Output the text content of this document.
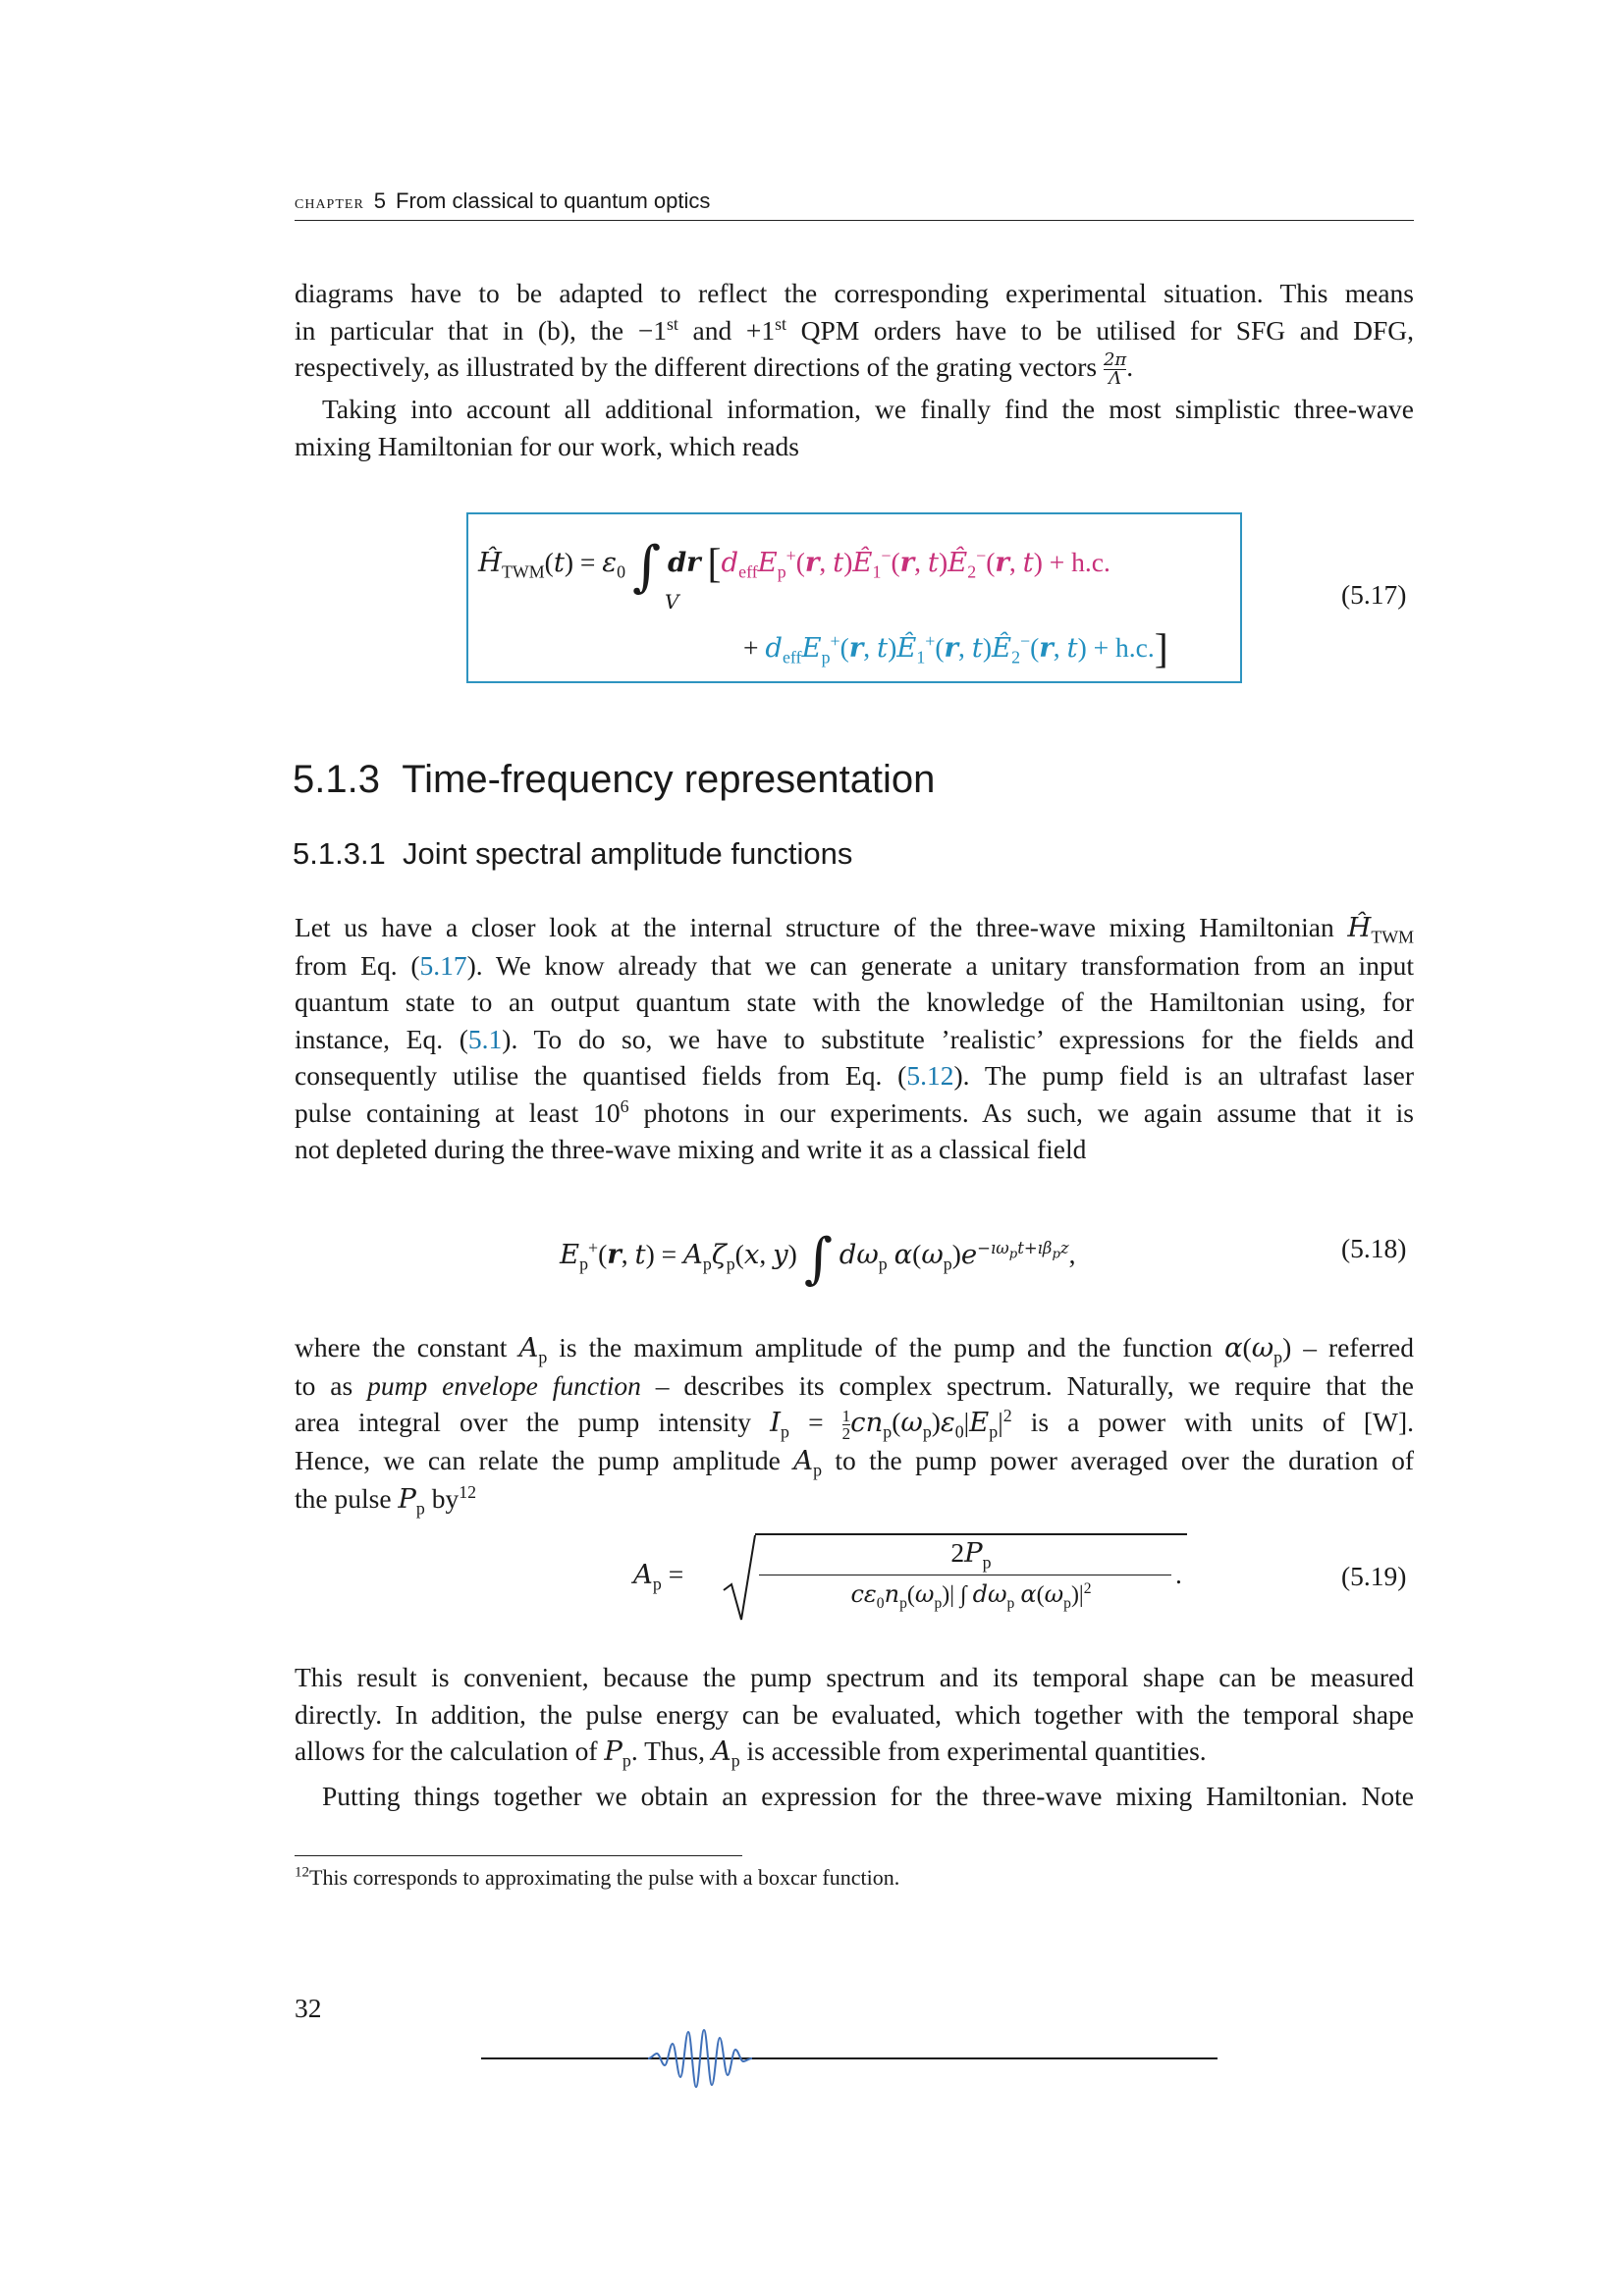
chapter 5 From classical to quantum optics

diagrams have to be adapted to reflect the corresponding experimental situation. This means

in particular that in (b), the −1st and +1st QPM orders have to be utilised for SFG and DFG,

respectively, as illustrated by the different directions of the grating vectors $\frac{2\pi}{\Lambda}$ .

Taking into account all additional information, we finally find the most simplistic three-wave

mixing Hamiltonian for our work, which reads

$Ĥ_{TWM}(t) = \varepsilon_0$ ∫ dr [$d_{eff}E_p^+(r$, $t)Ê_1^-(r$, $t)Ê_2^-(r$, t) + h.c.
V
+ $d_{eff}E_p^+(r$, $t)Ê_1^+(r$, $t)Ê_2^-(r$, t) + h.c.]
(5.17)
5.1.3 Time-frequency representation
5.1.3.1 Joint spectral amplitude functions

Let us have a closer look at the internal structure of the three-wave mixing Hamiltonian $Ĥ_{TWM}$

from Eq. (5.17). We know already that we can generate a unitary transformation from an input

quantum state to an output quantum state with the knowledge of the Hamiltonian using, for

instance, Eq. (5.1). To do so, we have to substitute ’realistic’ expressions for the fields and

consequently utilise the quantised fields from Eq. (5.12). The pump field is an ultrafast laser

pulse containing at least $10^6$ photons in our experiments. As such, we again assume that it is

not depleted during the three-wave mixing and write it as a classical field

$E_p^+(r$, $t) = A_p\zeta_p(x$, y) ∫ $d\omega_p$ $\alpha(\omega_p)e^{-ı\omega_pt+ı\beta_pz}$,	(5.18)

where the constant $A_p$ is the maximum amplitude of the pump and the function $\alpha(\omega_p)$ – referred

to as pump envelope function – describes its complex spectrum. Naturally, we require that the

area integral over the pump intensity $I_p = \frac{1}{2} cn_p(\omega_p)\varepsilon_0|E_p|^2$ is a power with units of [W].

Hence, we can relate the pump amplitude $A_p$ to the pump power averaged over the duration of

the pulse $P_p$ $by^{12}$

$A_p$ =
$2P_p$
$c\varepsilon_0n_p(\omega_p)|$ ∫ $d\omega_p$ $\alpha(\omega_p)|^2$	.	(5.19)

This result is convenient, because the pump spectrum and its temporal shape can be measured

directly. In addition, the pulse energy can be evaluated, which together with the temporal shape

allows for the calculation of $P_p$. Thus, $A_p$ is accessible from experimental quantities.

Putting things together we obtain an expression for the three-wave mixing Hamiltonian. Note

$^{12}$This corresponds to approximating the pulse with a boxcar function.
32
